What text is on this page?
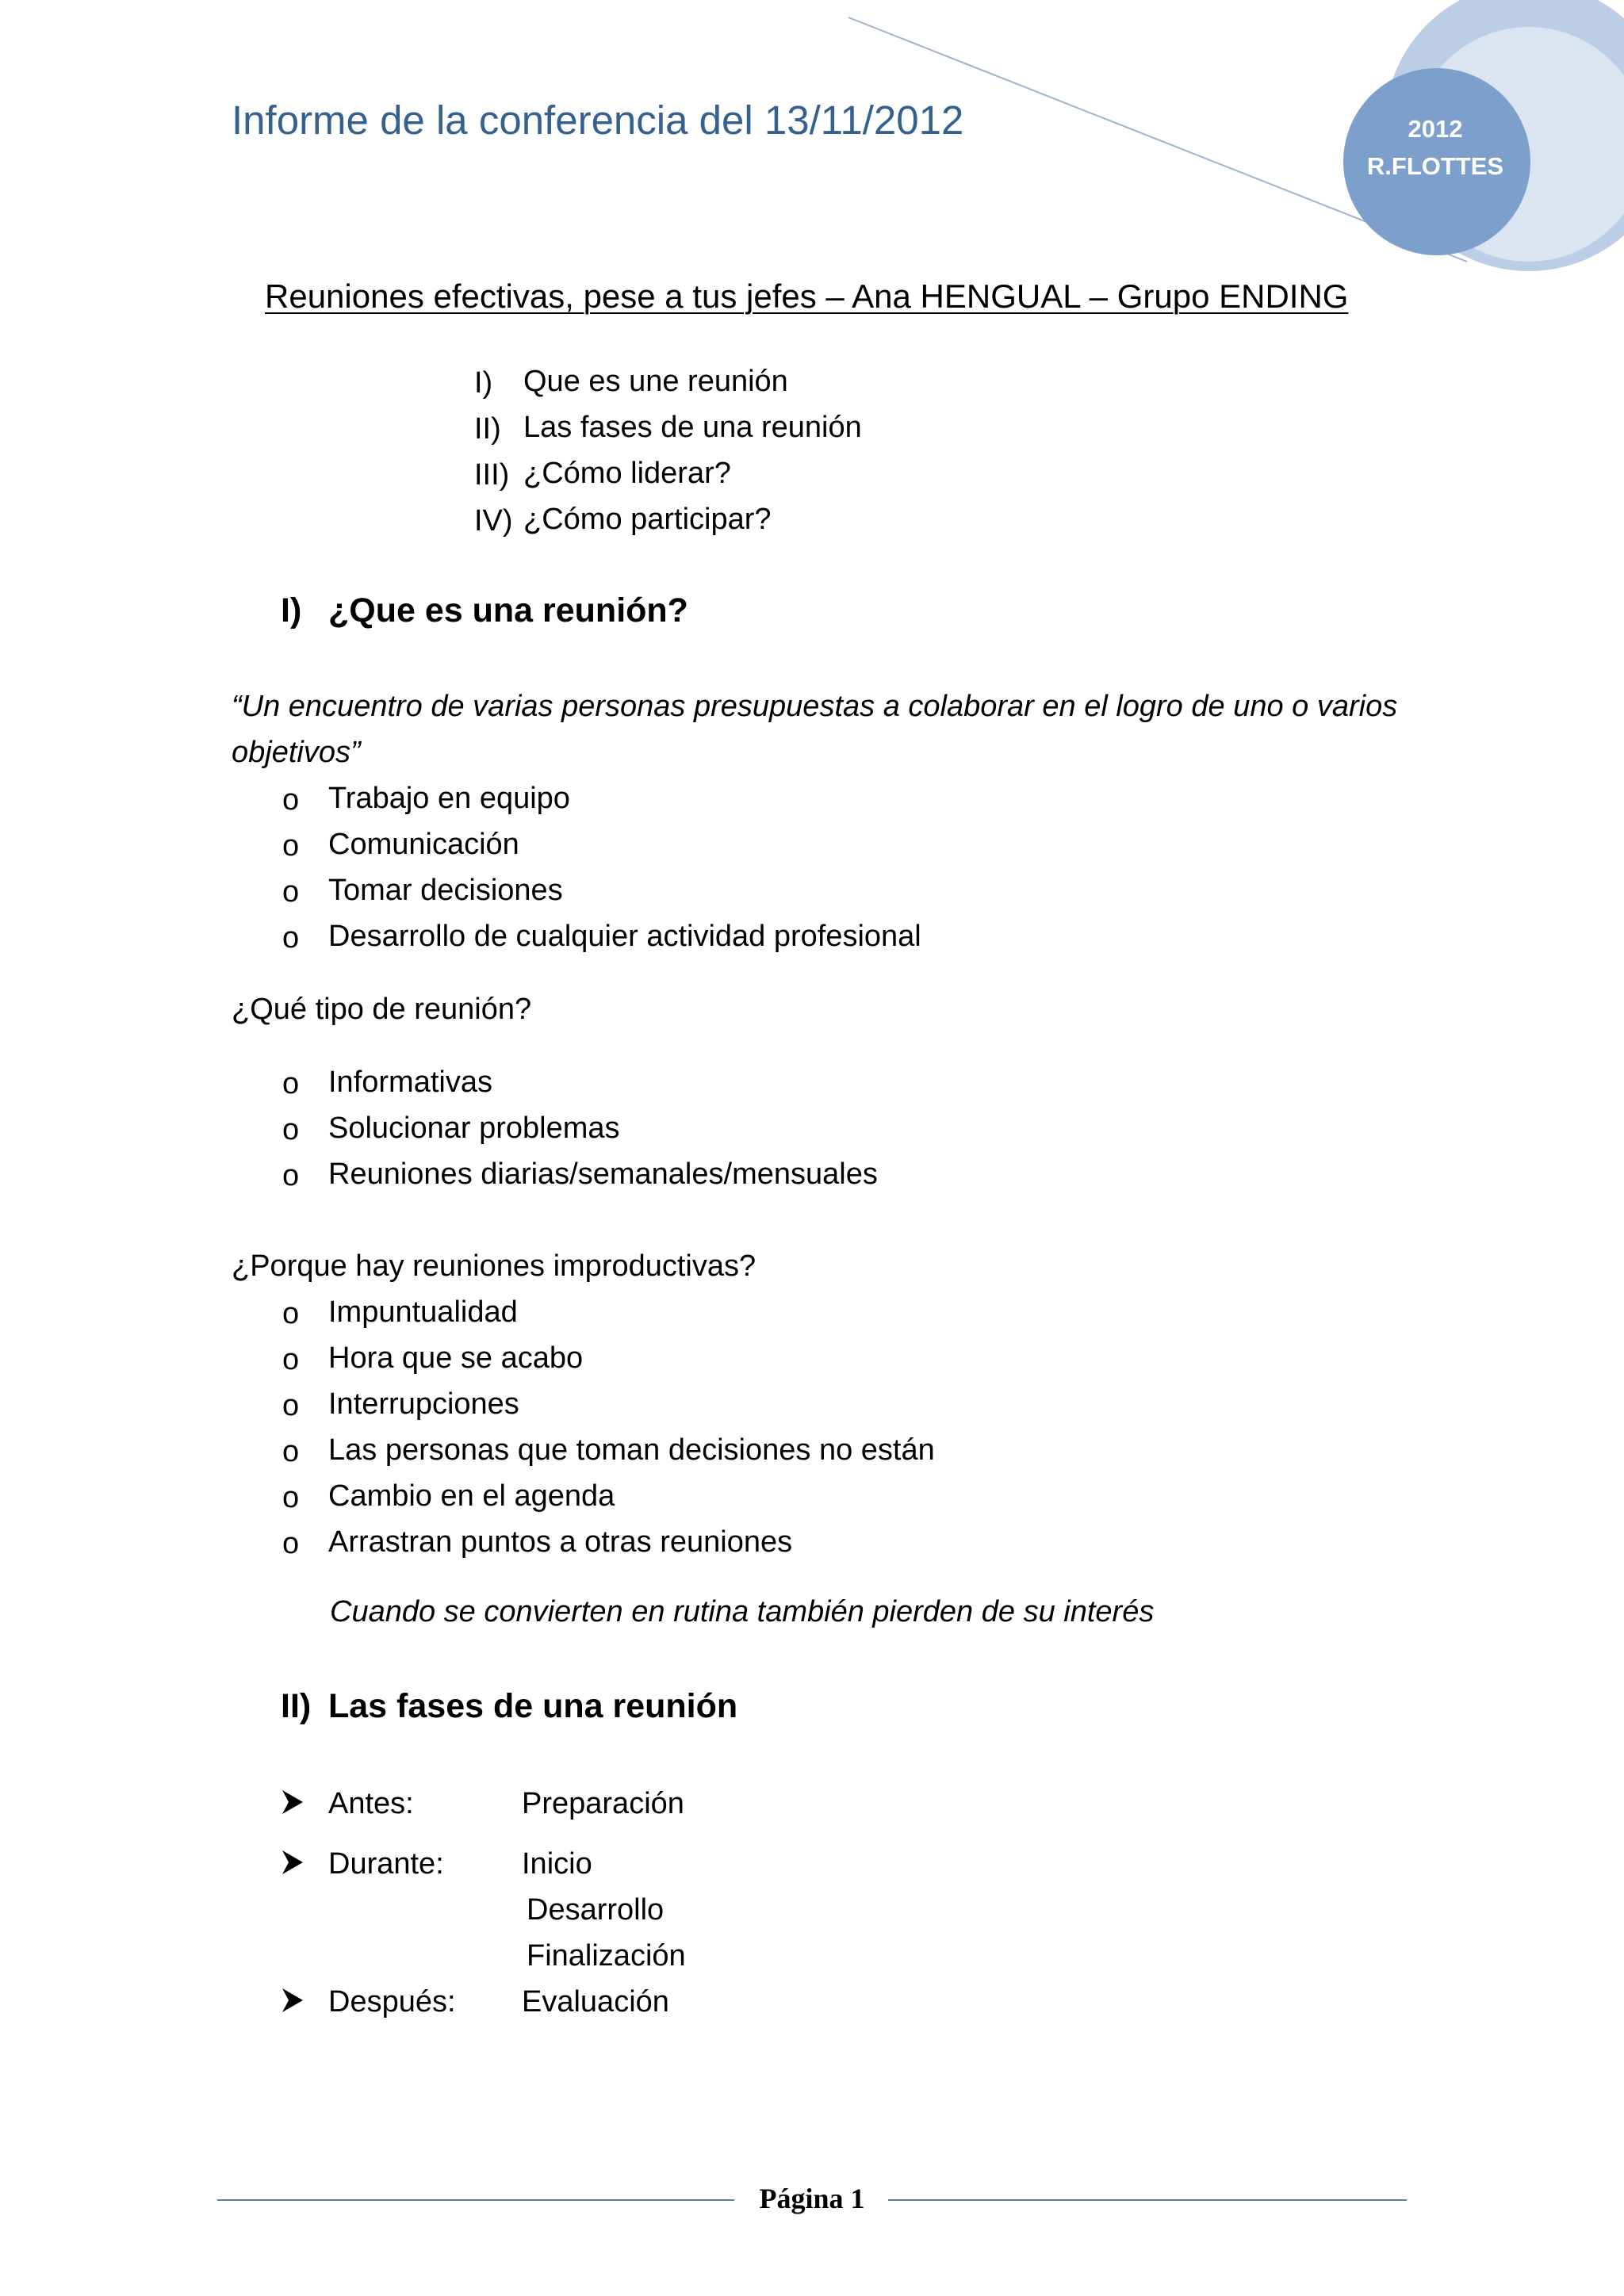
Informe de la conferencia del 13/11/2012	2012
R.FLOTTES
Reuniones efectivas, pese a tus jefes – Ana HENGUAL – Grupo ENDING
I) Que es une reunión
II) Las fases de una reunión
III) ¿Cómo liderar?
IV) ¿Cómo participar?
I) ¿Que es una reunión?
“Un encuentro de varias personas presupuestas a colaborar en el logro de uno o varios
objetivos”
o Trabajo en equipo
o Comunicación
o Tomar decisiones
o Desarrollo de cualquier actividad profesional
¿Qué tipo de reunión?
o Informativas
o Solucionar problemas
o Reuniones diarias/semanales/mensuales
¿Porque hay reuniones improductivas?
o Impuntualidad
o Hora que se acabo
o Interrupciones
o Las personas que toman decisiones no están
o Cambio en el agenda
o Arrastran puntos a otras reuniones
Cuando se convierten en rutina también pierden de su interés
II) Las fases de una reunión
Antes:	Preparación
Durante:	Inicio
Desarrollo
Finalización
Después: Evaluación
Página 1
